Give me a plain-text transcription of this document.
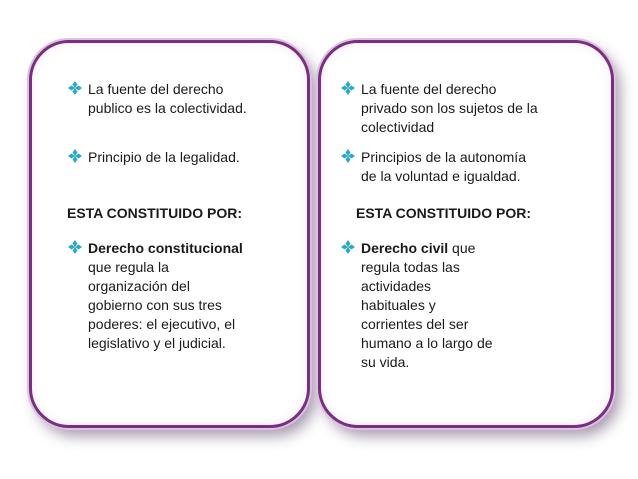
La fuente del derecho
publico es la colectividad.
Principio de la legalidad.
ESTA CONSTITUIDO POR:
Derecho constitucional
que regula la
organización del
gobierno con sus tres
poderes: el ejecutivo, el
legislativo y el judicial.
La fuente del derecho
privado son los sujetos de la
colectividad
Principios de la autonomía
de la voluntad e igualdad.
ESTA CONSTITUIDO POR:
Derecho civil que
regula todas las
actividades
habituales y
corrientes del ser
humano a lo largo de
su vida.
